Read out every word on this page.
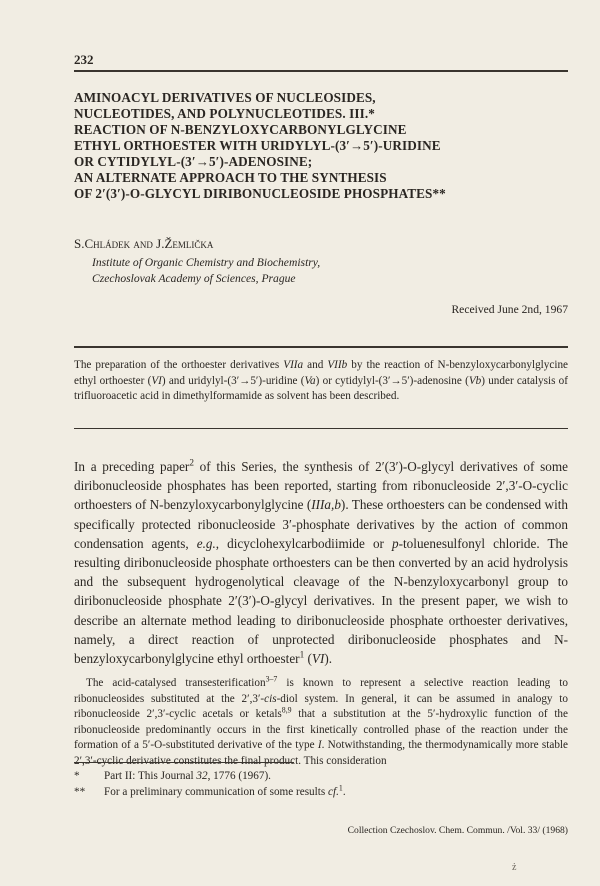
232
AMINOACYL DERIVATIVES OF NUCLEOSIDES,
NUCLEOTIDES, AND POLYNUCLEOTIDES. III.*
REACTION OF N-BENZYLOXYCARBONYLGLYCINE
ETHYL ORTHOESTER WITH URIDYLYL-(3′→5′)-URIDINE
OR CYTIDYLYL-(3′→5′)-ADENOSINE;
AN ALTERNATE APPROACH TO THE SYNTHESIS
OF 2′(3′)-O-GLYCYL DIRIBONUCLEOSIDE PHOSPHATES**
S.Chládek and J.Žemlička
Institute of Organic Chemistry and Biochemistry,
Czechoslovak Academy of Sciences, Prague
Received June 2nd, 1967

The preparation of the orthoester derivatives VIIa and VIIb by the reaction of N-benzyloxycarbonylglycine ethyl orthoester (VI) and uridylyl-(3′→5′)-uridine (Va) or cytidylyl-(3′→5′)-adenosine (Vb) under catalysis of trifluoroacetic acid in dimethylformamide as solvent has been described.

In a preceding paper$^2$ of this Series, the synthesis of 2′(3′)-O-glycyl derivatives of some diribonucleoside phosphates has been reported, starting from ribonucleoside 2′,3′-O-cyclic orthoesters of N-benzyloxycarbonylglycine (IIIa,b). These orthoesters can be condensed with specifically protected ribonucleoside 3′-phosphate derivatives by the action of common condensation agents, e.g., dicyclohexylcarbodiimide or p-toluenesulfonyl chloride. The resulting diribonucleoside phosphate orthoesters can be then converted by an acid hydrolysis and the subsequent hydrogenolytical cleavage of the N-benzyloxycarbonyl group to diribonucleoside phosphate 2′(3′)-O-glycyl derivatives. In the present paper, we wish to describe an alternate method leading to diribonucleoside phosphate orthoester derivatives, namely, a direct reaction of unprotected diribonucleoside phosphates and N-benzyloxycarbonylglycine ethyl orthoester$^1$ (VI).

The acid-catalysed transesterification$^{3-7}$ is known to represent a selective reaction leading to ribonucleosides substituted at the 2′,3′-cis-diol system. In general, it can be assumed in analogy to ribonucleoside 2′,3′-cyclic acetals or ketals$^{8,9}$ that a substitution at the 5′-hydroxylic function of the ribonucleoside predominantly occurs in the first kinetically controlled phase of the reaction under the formation of a 5′-O-substituted derivative of the type I. Notwithstanding, the thermodynamically more stable 2′,3′-cyclic derivative constitutes the final product. This consideration

*	Part II: This Journal 32, 1776 (1967).
**	For a preliminary communication of some results cf.$^1$.
Collection Czechoslov. Chem. Commun. /Vol. 33/ (1968)
ż
